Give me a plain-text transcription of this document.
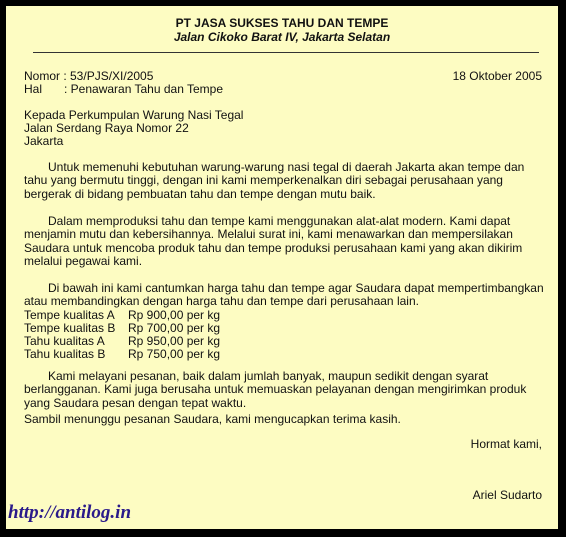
PT JASA SUKSES TAHU DAN TEMPE
Jalan Cikoko Barat IV, Jakarta Selatan
Nomor : 53/PJS/XI/2005	18 Oktober 2005
Hal : Penawaran Tahu dan Tempe
Kepada Perkumpulan Warung Nasi Tegal
Jalan Serdang Raya Nomor 22
Jakarta
Untuk memenuhi kebutuhan warung-warung nasi tegal di daerah Jakarta akan tempe dan tahu yang bermutu tinggi, dengan ini kami memperkenalkan diri sebagai perusahaan yang bergerak di bidang pembuatan tahu dan tempe dengan mutu baik.
Dalam memproduksi tahu dan tempe kami menggunakan alat-alat modern. Kami dapat menjamin mutu dan kebersihannya. Melalui surat ini, kami menawarkan dan mempersilakan Saudara untuk mencoba produk tahu dan tempe produksi perusahaan kami yang akan dikirim melalui pegawai kami.
Di bawah ini kami cantumkan harga tahu dan tempe agar Saudara dapat mempertimbangkan atau membandingkan dengan harga tahu dan tempe dari perusahaan lain.
Tempe kualitas A Rp 900,00 per kg
Tempe kualitas B Rp 700,00 per kg
Tahu kualitas A Rp 950,00 per kg
Tahu kualitas B Rp 750,00 per kg
Kami melayani pesanan, baik dalam jumlah banyak, maupun sedikit dengan syarat berlangganan. Kami juga berusaha untuk memuaskan pelayanan dengan mengirimkan produk yang Saudara pesan dengan tepat waktu.
Sambil menunggu pesanan Saudara, kami mengucapkan terima kasih.
Hormat kami,
Ariel Sudarto
http://antilog.in
